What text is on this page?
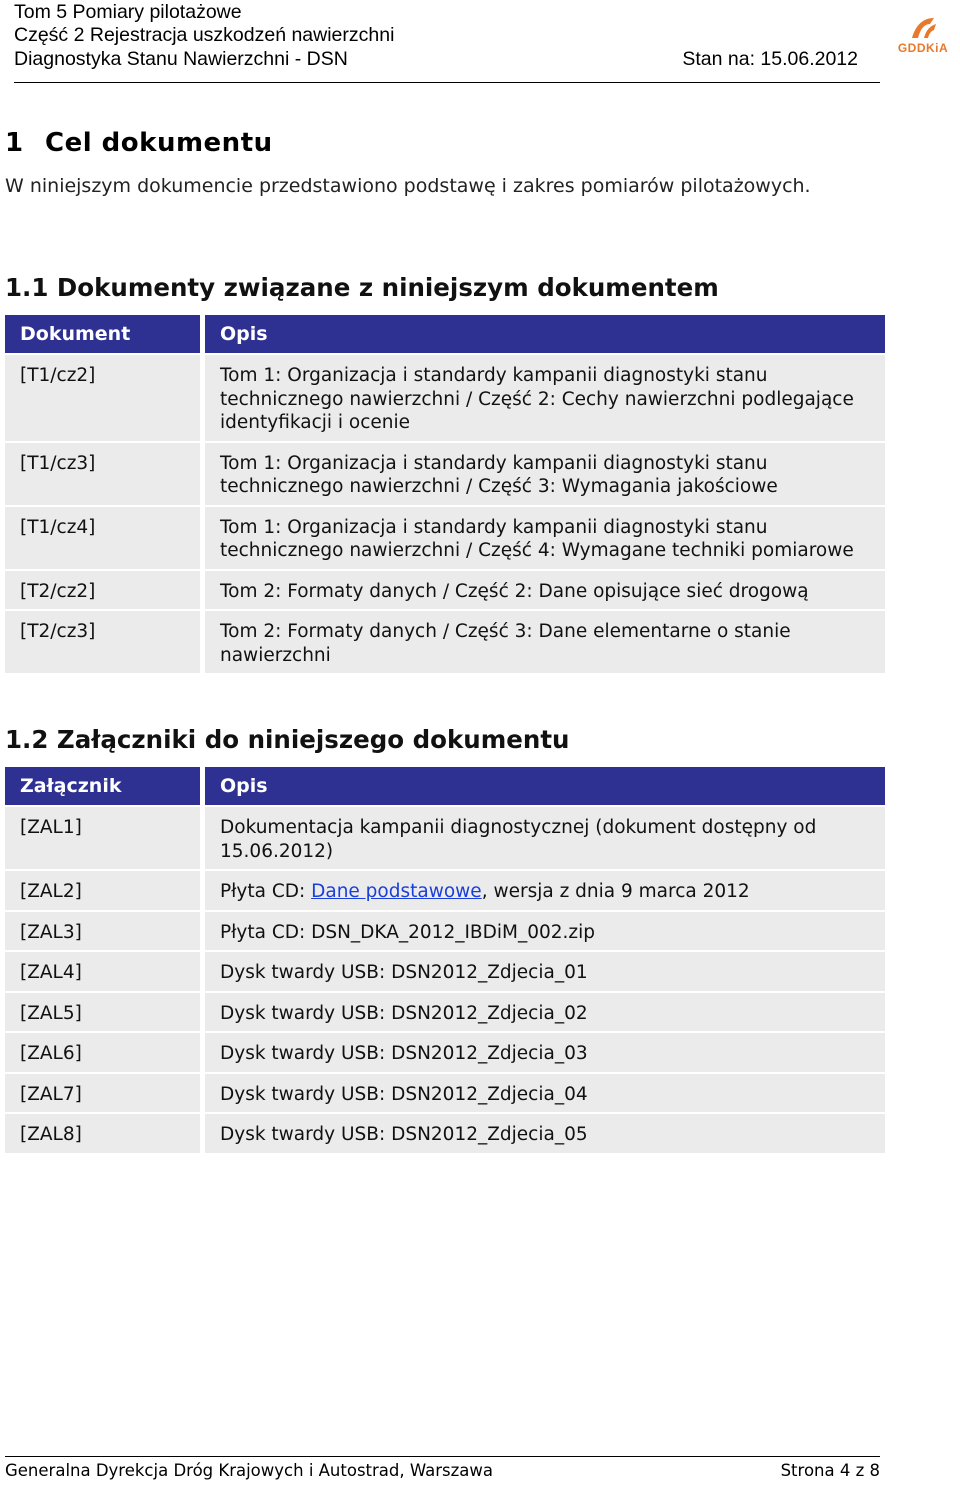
Tom 5 Pomiary pilotażowe
Część 2 Rejestracja uszkodzeń nawierzchni
Diagnostyka Stanu Nawierzchni - DSN	Stan na: 15.06.2012	GDDKiA
1 Cel dokumentu
W niniejszym dokumencie przedstawiono podstawę i zakres pomiarów pilotażowych.
1.1 Dokumenty związane z niniejszym dokumentem
Dokument	Opis
[T1/cz2]	Tom 1: Organizacja i standardy kampanii diagnostyki stanu technicznego nawierzchni / Część 2: Cechy nawierzchni podlegające identyfikacji i ocenie
[T1/cz3]	Tom 1: Organizacja i standardy kampanii diagnostyki stanu technicznego nawierzchni / Część 3: Wymagania jakościowe
[T1/cz4]	Tom 1: Organizacja i standardy kampanii diagnostyki stanu technicznego nawierzchni / Część 4: Wymagane techniki pomiarowe
[T2/cz2]	Tom 2: Formaty danych / Część 2: Dane opisujące sieć drogową
[T2/cz3]	Tom 2: Formaty danych / Część 3: Dane elementarne o stanie nawierzchni
1.2 Załączniki do niniejszego dokumentu
Załącznik	Opis
[ZAL1]	Dokumentacja kampanii diagnostycznej (dokument dostępny od 15.06.2012)
[ZAL2]	Płyta CD: Dane podstawowe, wersja z dnia 9 marca 2012
[ZAL3]	Płyta CD: DSN_DKA_2012_IBDiM_002.zip
[ZAL4]	Dysk twardy USB: DSN2012_Zdjecia_01
[ZAL5]	Dysk twardy USB: DSN2012_Zdjecia_02
[ZAL6]	Dysk twardy USB: DSN2012_Zdjecia_03
[ZAL7]	Dysk twardy USB: DSN2012_Zdjecia_04
[ZAL8]	Dysk twardy USB: DSN2012_Zdjecia_05
Generalna Dyrekcja Dróg Krajowych i Autostrad, Warszawa	Strona 4 z 8
